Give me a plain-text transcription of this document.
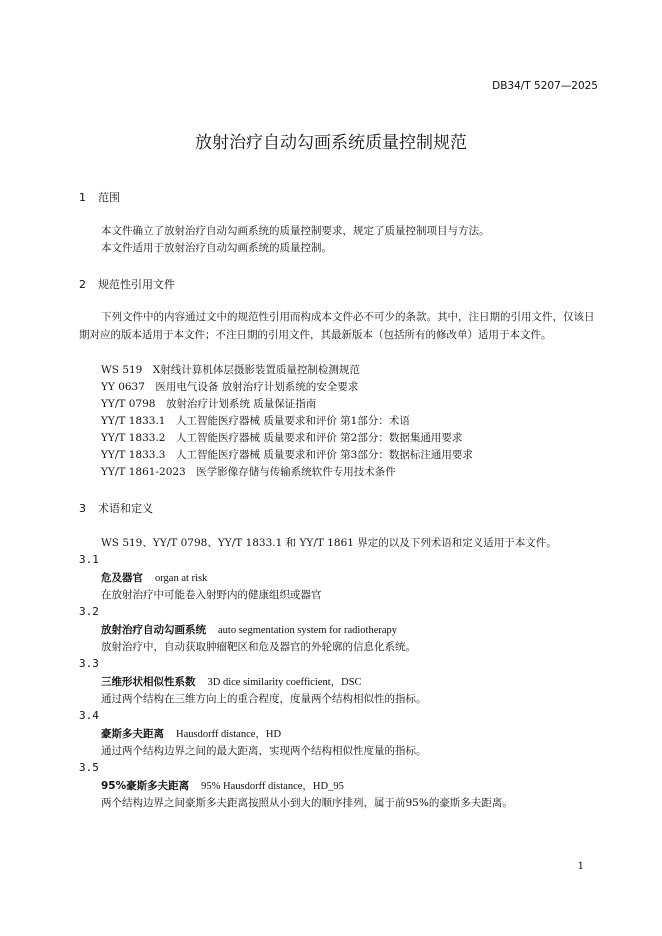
DB34/T 5207—2025
放射治疗自动勾画系统质量控制规范
1 范围
本文件确立了放射治疗自动勾画系统的质量控制要求，规定了质量控制项目与方法。
本文件适用于放射治疗自动勾画系统的质量控制。
2 规范性引用文件
下列文件中的内容通过文中的规范性引用而构成本文件必不可少的条款。其中，注日期的引用文件，仅该日期对应的版本适用于本文件；不注日期的引用文件，其最新版本（包括所有的修改单）适用于本文件。
WS 519　X射线计算机体层摄影装置质量控制检测规范
YY 0637　医用电气设备 放射治疗计划系统的安全要求
YY/T 0798　放射治疗计划系统 质量保证指南
YY/T 1833.1　人工智能医疗器械 质量要求和评价 第1部分：术语
YY/T 1833.2　人工智能医疗器械 质量要求和评价 第2部分：数据集通用要求
YY/T 1833.3　人工智能医疗器械 质量要求和评价 第3部分：数据标注通用要求
YY/T 1861-2023　医学影像存储与传输系统软件专用技术条件
3 术语和定义
WS 519、YY/T 0798、YY/T 1833.1 和 YY/T 1861 界定的以及下列术语和定义适用于本文件。
3.1
危及器官 organ at risk
在放射治疗中可能卷入射野内的健康组织或器官
3.2
放射治疗自动勾画系统 auto segmentation system for radiotherapy
放射治疗中，自动获取肿瘤靶区和危及器官的外轮廓的信息化系统。
3.3
三维形状相似性系数 3D dice similarity coefficient，DSC
通过两个结构在三维方向上的重合程度，度量两个结构相似性的指标。
3.4
豪斯多夫距离 Hausdorff distance，HD
通过两个结构边界之间的最大距离，实现两个结构相似性度量的指标。
3.5
95%豪斯多夫距离 95% Hausdorff distance，HD_95
两个结构边界之间豪斯多夫距离按照从小到大的顺序排列，属于前95%的豪斯多夫距离。
1
